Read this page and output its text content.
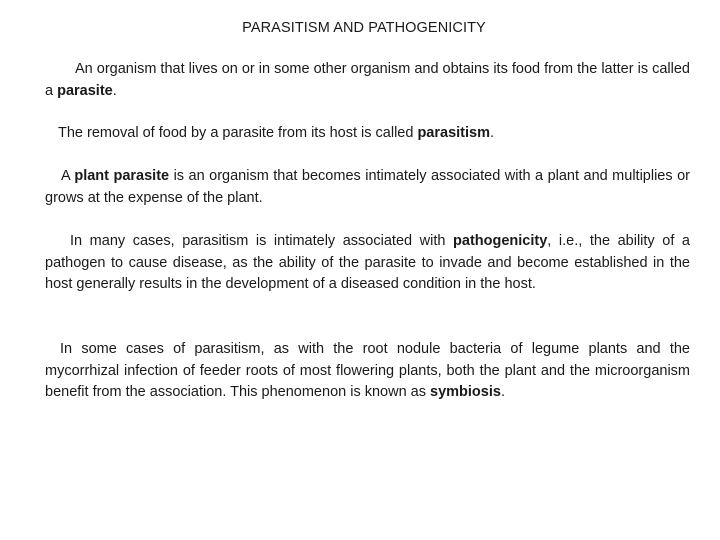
PARASITISM AND PATHOGENICITY

An organism that lives on or in some other organism and obtains its food from the latter is called a parasite.

The removal of food by a parasite from its host is called parasitism.

A plant parasite is an organism that becomes intimately associated with a plant and multiplies or grows at the expense of the plant.

In many cases, parasitism is intimately associated with pathogenicity, i.e., the ability of a pathogen to cause disease, as the ability of the parasite to invade and become established in the host generally results in the development of a diseased condition in the host.

In some cases of parasitism, as with the root nodule bacteria of legume plants and the mycorrhizal infection of feeder roots of most flowering plants, both the plant and the microorganism benefit from the association. This phenomenon is known as symbiosis.
